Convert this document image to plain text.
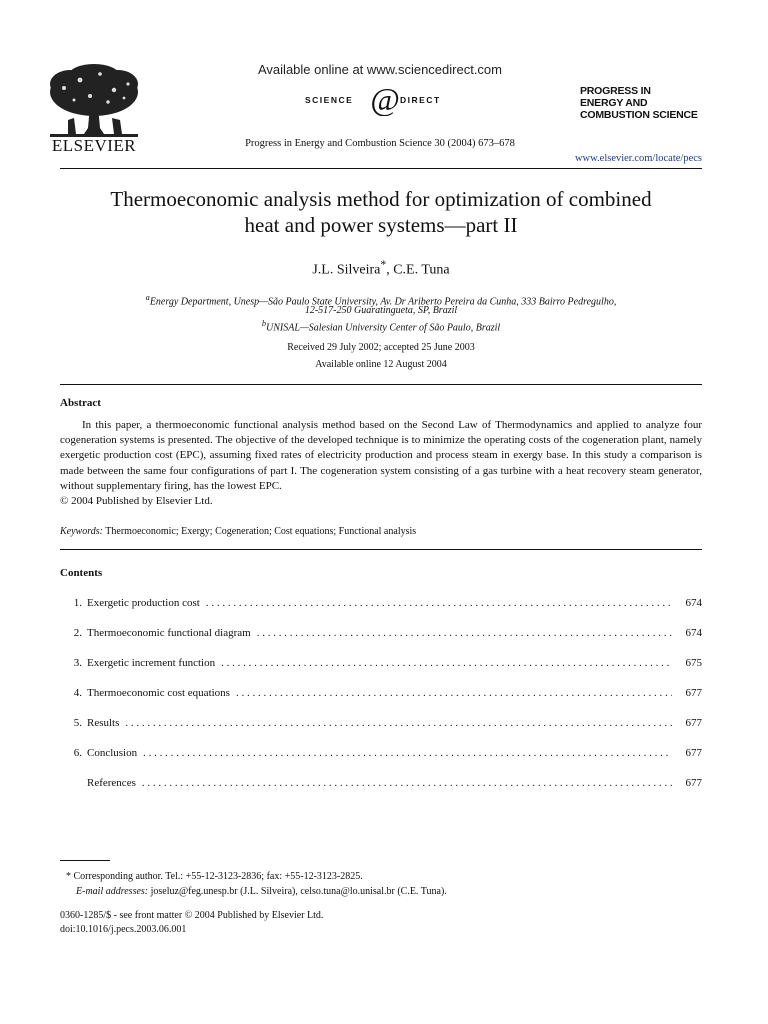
ELSEVIER
Available online at www.sciencedirect.com
@
SCIENCE	DIRECT
Progress in Energy and Combustion Science 30 (2004) 673–678
PROGRESS IN
ENERGY AND
COMBUSTION SCIENCE
www.elsevier.com/locate/pecs
Thermoeconomic analysis method for optimization of combined
heat and power systems—part II
J.L. Silveira*, C.E. Tuna
$^a$Energy Department, Unesp—São Paulo State University, Av. Dr Ariberto Pereira da Cunha, 333 Bairro Pedregulho,
12-517-250 Guaratingueta, SP, Brazil
$^b$UNISAL—Salesian University Center of São Paulo, Brazil
Received 29 July 2002; accepted 25 June 2003
Available online 12 August 2004
Abstract
In this paper, a thermoeconomic functional analysis method based on the Second Law of Thermodynamics and applied to analyze four cogeneration systems is presented. The objective of the developed technique is to minimize the operating costs of the cogeneration plant, namely exergetic production cost (EPC), assuming fixed rates of electricity production and process steam in exergy base. In this study a comparison is made between the same four configurations of part I. The cogeneration system consisting of a gas turbine with a heat recovery steam generator, without supplementary firing, has the lowest EPC.
© 2004 Published by Elsevier Ltd.
Keywords: Thermoeconomic; Exergy; Cogeneration; Cost equations; Functional analysis
Contents
1. Exergetic production cost . . .	674
2. Thermoeconomic functional diagram . . .	674
3. Exergetic increment function . . .	675
4. Thermoeconomic cost equations . . .	677
5. Results . . .	677
6. Conclusion . . .	677
References . . .	677
* Corresponding author. Tel.: +55-12-3123-2836; fax: +55-12-3123-2825.
E-mail addresses: joseluz@feg.unesp.br (J.L. Silveira), celso.tuna@lo.unisal.br (C.E. Tuna).
0360-1285/$ - see front matter © 2004 Published by Elsevier Ltd.
doi:10.1016/j.pecs.2003.06.001
